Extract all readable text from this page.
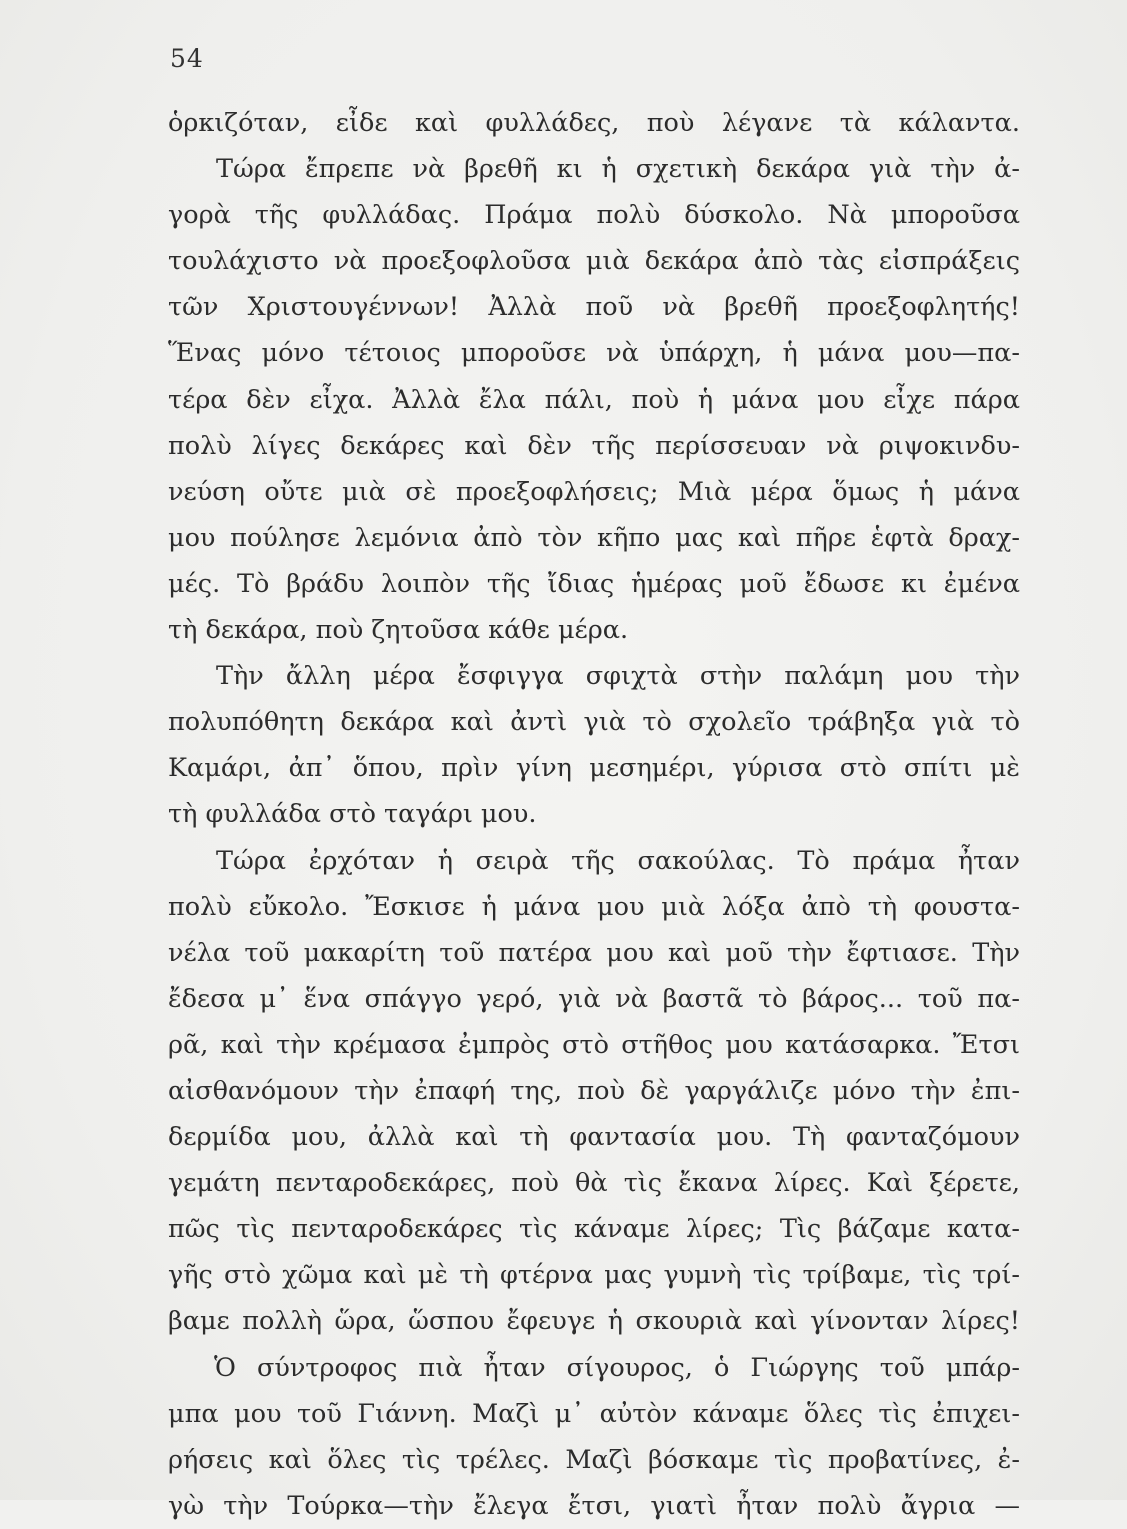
54
ὁρκιζόταν, εἶδε καὶ φυλλάδες, ποὺ λέγανε τὰ κάλαντα.
Τώρα ἔπρεπε νὰ βρεθῆ κι ἡ σχετικὴ δεκάρα γιὰ τὴν ἀ-
γορὰ τῆς φυλλάδας. Πράμα πολὺ δύσκολο. Νὰ μποροῦσα
τουλάχιστο νὰ προεξοφλοῦσα μιὰ δεκάρα ἀπὸ τὰς εἰσπράξεις
τῶν Χριστουγέννων! Ἀλλὰ ποῦ νὰ βρεθῆ προεξοφλητής!
Ἕνας μόνο τέτοιος μποροῦσε νὰ ὑπάρχη, ἡ μάνα μου—πα-
τέρα δὲν εἶχα. Ἀλλὰ ἔλα πάλι, ποὺ ἡ μάνα μου εἶχε πάρα
πολὺ λίγες δεκάρες καὶ δὲν τῆς περίσσευαν νὰ ριψοκινδυ-
νεύση οὔτε μιὰ σὲ προεξοφλήσεις; Μιὰ μέρα ὅμως ἡ μάνα
μου πούλησε λεμόνια ἀπὸ τὸν κῆπο μας καὶ πῆρε ἑφτὰ δραχ-
μές. Τὸ βράδυ λοιπὸν τῆς ἴδιας ἡμέρας μοῦ ἔδωσε κι ἐμένα
τὴ δεκάρα, ποὺ ζητοῦσα κάθε μέρα.
Τὴν ἄλλη μέρα ἔσφιγγα σφιχτὰ στὴν παλάμη μου τὴν
πολυπόθητη δεκάρα καὶ ἀντὶ γιὰ τὸ σχολεῖο τράβηξα γιὰ τὸ
Καμάρι, ἀπ᾿ ὅπου, πρὶν γίνη μεσημέρι, γύρισα στὸ σπίτι μὲ
τὴ φυλλάδα στὸ ταγάρι μου.
Τώρα ἐρχόταν ἡ σειρὰ τῆς σακούλας. Τὸ πράμα ἦταν
πολὺ εὔκολο. Ἔσκισε ἡ μάνα μου μιὰ λόξα ἀπὸ τὴ φουστα-
νέλα τοῦ μακαρίτη τοῦ πατέρα μου καὶ μοῦ τὴν ἔφτιασε. Τὴν
ἔδεσα μ᾿ ἕνα σπάγγο γερό, γιὰ νὰ βαστᾶ τὸ βάρος... τοῦ πα-
ρᾶ, καὶ τὴν κρέμασα ἐμπρὸς στὸ στῆθος μου κατάσαρκα. Ἔτσι
αἰσθανόμουν τὴν ἐπαφή της, ποὺ δὲ γαργάλιζε μόνο τὴν ἐπι-
δερμίδα μου, ἀλλὰ καὶ τὴ φαντασία μου. Τὴ φανταζόμουν
γεμάτη πενταροδεκάρες, ποὺ θὰ τὶς ἔκανα λίρες. Καὶ ξέρετε,
πῶς τὶς πενταροδεκάρες τὶς κάναμε λίρες; Τὶς βάζαμε κατα-
γῆς στὸ χῶμα καὶ μὲ τὴ φτέρνα μας γυμνὴ τὶς τρίβαμε, τὶς τρί-
βαμε πολλὴ ὥρα, ὥσπου ἔφευγε ἡ σκουριὰ καὶ γίνονταν λίρες!
Ὁ σύντροφος πιὰ ἦταν σίγουρος, ὁ Γιώργης τοῦ μπάρ-
μπα μου τοῦ Γιάννη. Μαζὶ μ᾿ αὐτὸν κάναμε ὅλες τὶς ἐπιχει-
ρήσεις καὶ ὅλες τὶς τρέλες. Μαζὶ βόσκαμε τὶς προβατίνες, ἐ-
γὼ τὴν Τούρκα—τὴν ἔλεγα ἔτσι, γιατὶ ἦταν πολὺ ἄγρια —
